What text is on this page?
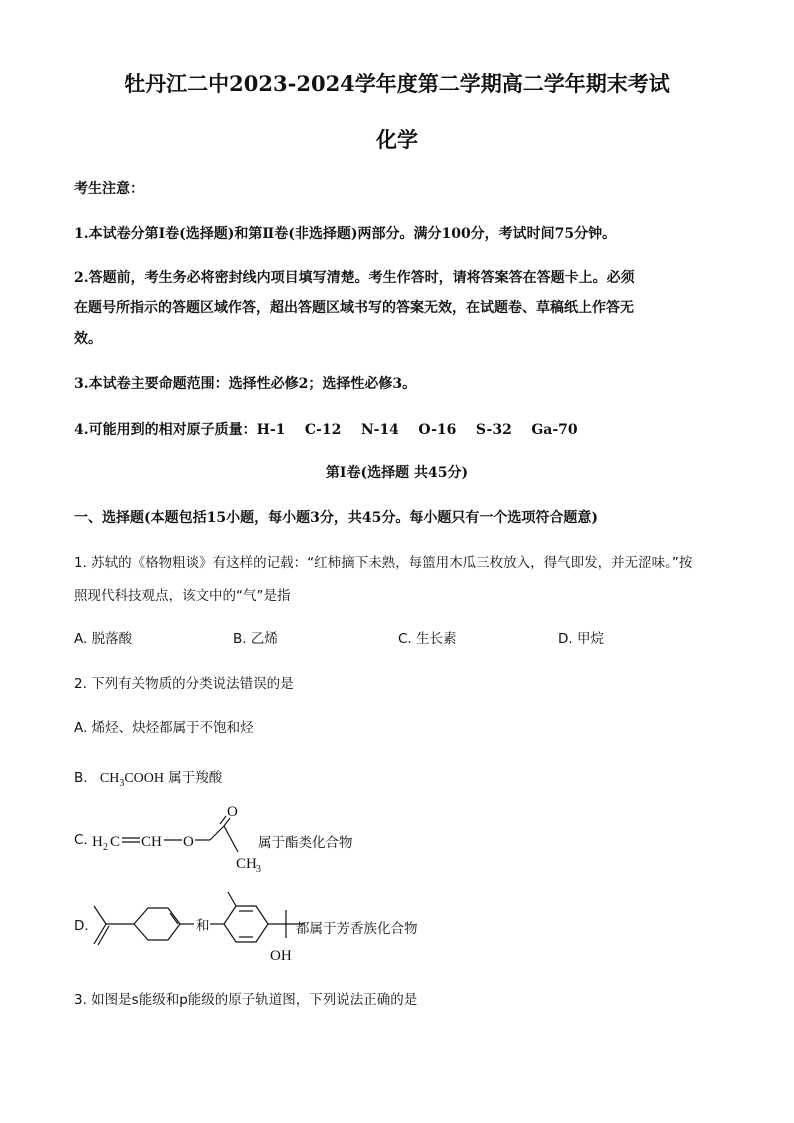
牡丹江二中2023-2024学年度第二学期高二学年期末考试
化学
考生注意：
1.本试卷分第Ⅰ卷(选择题)和第Ⅱ卷(非选择题)两部分。满分100分，考试时间75分钟。
2.答题前，考生务必将密封线内项目填写清楚。考生作答时，请将答案答在答题卡上。必须
在题号所指示的答题区域作答，超出答题区域书写的答案无效，在试题卷、草稿纸上作答无
效。
3.本试卷主要命题范围：选择性必修2；选择性必修3。
4.可能用到的相对原子质量：H-1    C-12    N-14    O-16    S-32    Ga-70
第Ⅰ卷(选择题 共45分)
一、选择题(本题包括15小题，每小题3分，共45分。每小题只有一个选项符合题意)
1. 苏轼的《格物粗谈》有这样的记载：“红柿摘下未熟，每篮用木瓜三枚放入，得气即发，并无涩味。”按
照现代科技观点，该文中的“气”是指
A. 脱落酸	B. 乙烯	C. 生长素	D. 甲烷
2. 下列有关物质的分类说法错误的是
A. 烯烃、炔烃都属于不饱和烃
B. $CH_3COOH$ 属于羧酸
C. H 2 C CH O
O
CH 3
属于酯类化合物
D.	和
OH
都属于芳香族化合物
3. 如图是s能级和p能级的原子轨道图，下列说法正确的是
